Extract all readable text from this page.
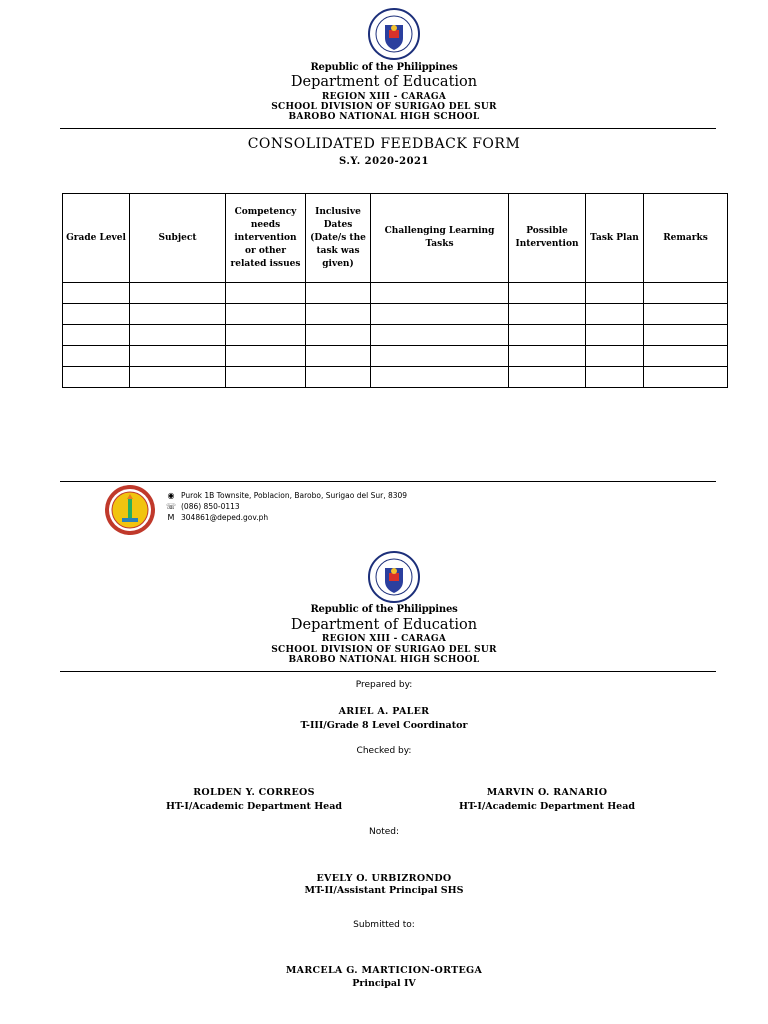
Republic of the Philippines
Department of Education
REGION XIII - CARAGA
SCHOOL DIVISION OF SURIGAO DEL SUR
BAROBO NATIONAL HIGH SCHOOL
CONSOLIDATED FEEDBACK FORM
S.Y. 2020-2021
Grade Level	Subject	Competency needs intervention or other related issues	Inclusive Dates (Date/s the task was given)	Challenging Learning Tasks	Possible Intervention	Task Plan	Remarks

◉ Purok 1B Townsite, Poblacion, Barobo, Surigao del Sur, 8309
☏ (086) 850-0113
M 304861@deped.gov.ph
Republic of the Philippines
Department of Education
REGION XIII - CARAGA
SCHOOL DIVISION OF SURIGAO DEL SUR
BAROBO NATIONAL HIGH SCHOOL
Prepared by:
ARIEL A. PALER
T-III/Grade 8 Level Coordinator
Checked by:
ROLDEN Y. CORREOS
HT-I/Academic Department Head
MARVIN O. RANARIO
HT-I/Academic Department Head
Noted:
EVELY O. URBIZRONDO
MT-II/Assistant Principal SHS
Submitted to:
MARCELA G. MARTICION-ORTEGA
Principal IV
